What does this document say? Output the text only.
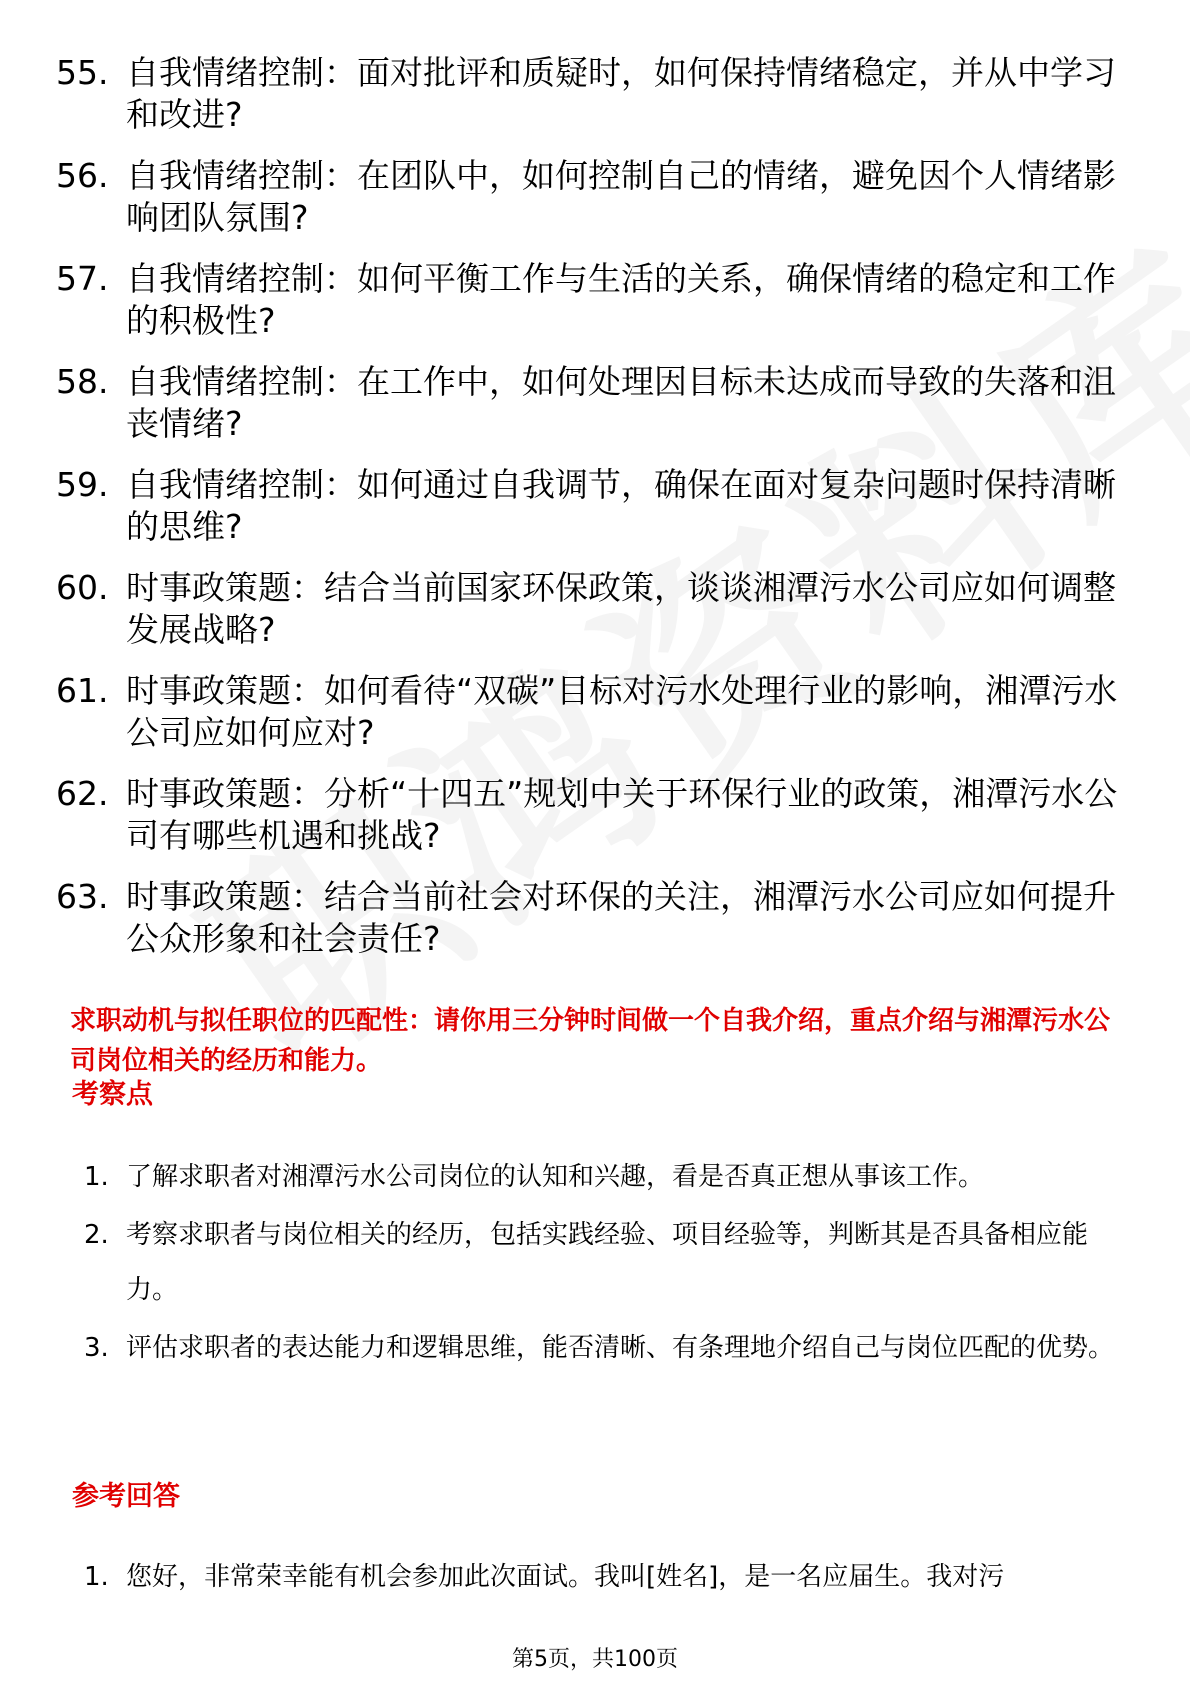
55. 自我情绪控制：面对批评和质疑时，如何保持情绪稳定，并从中学习和改进?
56. 自我情绪控制：在团队中，如何控制自己的情绪，避免因个人情绪影响团队氛围?
57. 自我情绪控制：如何平衡工作与生活的关系，确保情绪的稳定和工作的积极性?
58. 自我情绪控制：在工作中，如何处理因目标未达成而导致的失落和沮丧情绪?
59. 自我情绪控制：如何通过自我调节，确保在面对复杂问题时保持清晰的思维?
60. 时事政策题：结合当前国家环保政策，谈谈湘潭污水公司应如何调整发展战略?
61. 时事政策题：如何看待“双碳”目标对污水处理行业的影响，湘潭污水公司应如何应对?
62. 时事政策题：分析“十四五”规划中关于环保行业的政策，湘潭污水公司有哪些机遇和挑战?
63. 时事政策题：结合当前社会对环保的关注，湘潭污水公司应如何提升公众形象和社会责任?
求职动机与拟任职位的匹配性：请你用三分钟时间做一个自我介绍，重点介绍与湘潭污水公司岗位相关的经历和能力。
考察点
1. 了解求职者对湘潭污水公司岗位的认知和兴趣，看是否真正想从事该工作。
2. 考察求职者与岗位相关的经历，包括实践经验、项目经验等，判断其是否具备相应能力。
3. 评估求职者的表达能力和逻辑思维，能否清晰、有条理地介绍自己与岗位匹配的优势。
参考回答
1. 您好，非常荣幸能有机会参加此次面试。我叫[姓名]，是一名应届生。我对污
第5页，共100页
